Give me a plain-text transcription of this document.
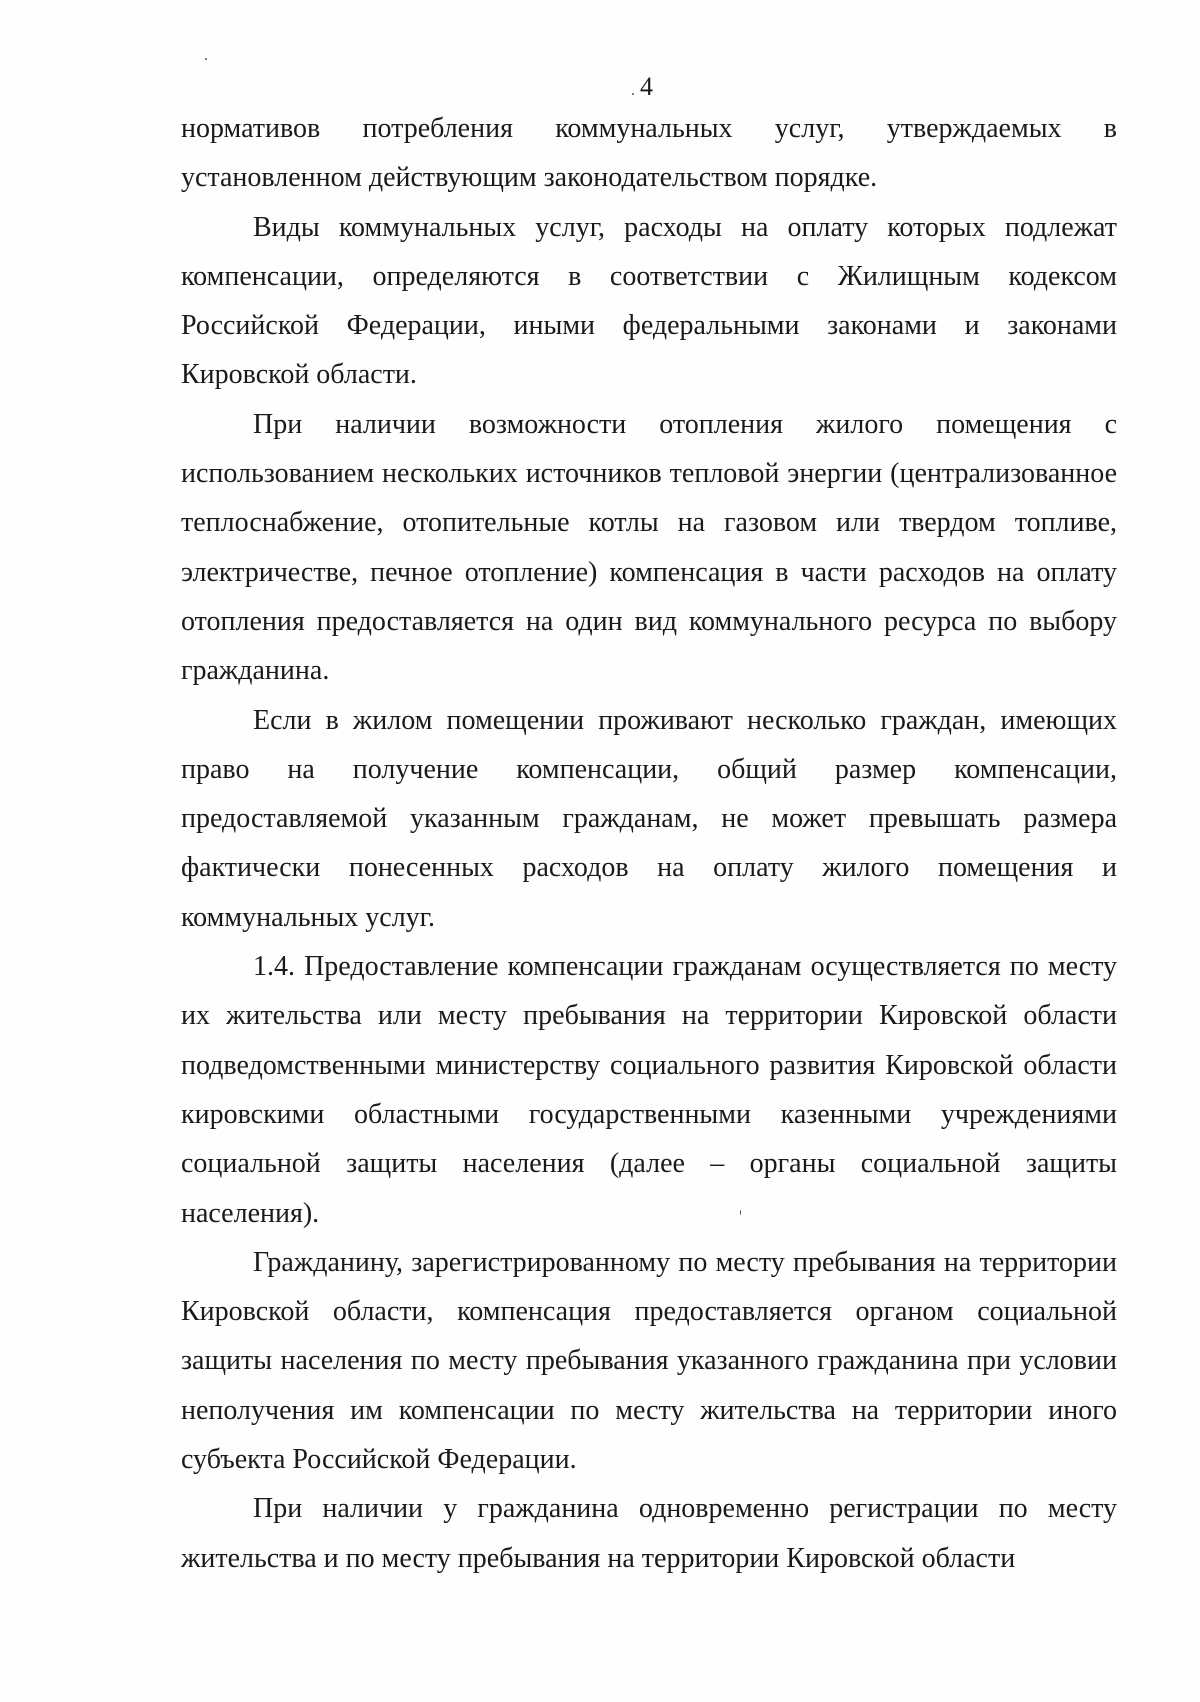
4

нормативов потребления коммунальных услуг, утверждаемых в установленном действующим законодательством порядке.

Виды коммунальных услуг, расходы на оплату которых подлежат компенсации, определяются в соответствии с Жилищным кодексом Российской Федерации, иными федеральными законами и законами Кировской области.

При наличии возможности отопления жилого помещения с использованием нескольких источников тепловой энергии (централизованное теплоснабжение, отопительные котлы на газовом или твердом топливе, электричестве, печное отопление) компенсация в части расходов на оплату отопления предоставляется на один вид коммунального ресурса по выбору гражданина.

Если в жилом помещении проживают несколько граждан, имеющих право на получение компенсации, общий размер компенсации, предоставляемой указанным гражданам, не может превышать размера фактически понесенных расходов на оплату жилого помещения и коммунальных услуг.

1.4. Предоставление компенсации гражданам осуществляется по месту их жительства или месту пребывания на территории Кировской области подведомственными министерству социального развития Кировской области кировскими областными государственными казенными учреждениями социальной защиты населения (далее – органы социальной защиты населения).

Гражданину, зарегистрированному по месту пребывания на территории Кировской области, компенсация предоставляется органом социальной защиты населения по месту пребывания указанного гражданина при условии неполучения им компенсации по месту жительства на территории иного субъекта Российской Федерации.

При наличии у гражданина одновременно регистрации по месту жительства и по месту пребывания на территории Кировской области
